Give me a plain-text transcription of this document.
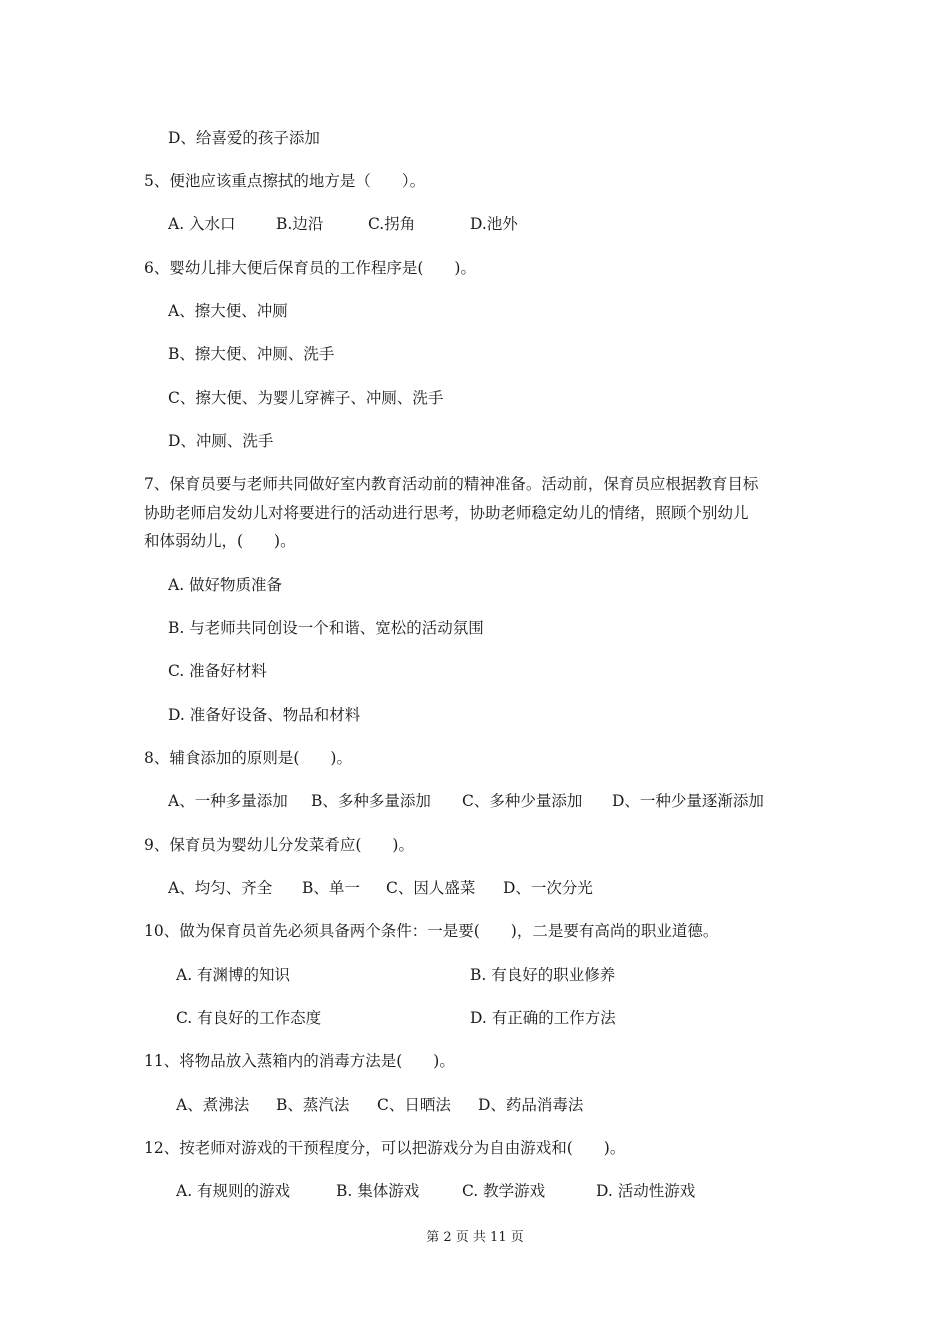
D、给喜爱的孩子添加
5、便池应该重点擦拭的地方是（　　）。
A. 入水口	B.边沿	C.拐角	D.池外
6、婴幼儿排大便后保育员的工作程序是(　　)。
A、擦大便、冲厕
B、擦大便、冲厕、洗手
C、擦大便、为婴儿穿裤子、冲厕、洗手
D、冲厕、洗手
7、保育员要与老师共同做好室内教育活动前的精神准备。活动前，保育员应根据教育目标
协助老师启发幼儿对将要进行的活动进行思考，协助老师稳定幼儿的情绪，照顾个别幼儿
和体弱幼儿，(　　)。
A. 做好物质准备
B. 与老师共同创设一个和谐、宽松的活动氛围
C. 准备好材料
D. 准备好设备、物品和材料
8、辅食添加的原则是(　　)。
A、一种多量添加 B、多种多量添加 C、多种少量添加 D、一种少量逐渐添加
9、保育员为婴幼儿分发菜肴应(　　)。
A、均匀、齐全 B、单一 C、因人盛菜 D、一次分光
10、做为保育员首先必须具备两个条件：一是要(　　)，二是要有高尚的职业道德。
A. 有渊博的知识	B. 有良好的职业修养
C. 有良好的工作态度	D. 有正确的工作方法
11、将物品放入蒸箱内的消毒方法是(　　)。
A、煮沸法 B、蒸汽法 C、日晒法 D、药品消毒法
12、按老师对游戏的干预程度分，可以把游戏分为自由游戏和(　　)。
A. 有规则的游戏	B. 集体游戏	C. 教学游戏	D. 活动性游戏
第 2 页 共 11 页
